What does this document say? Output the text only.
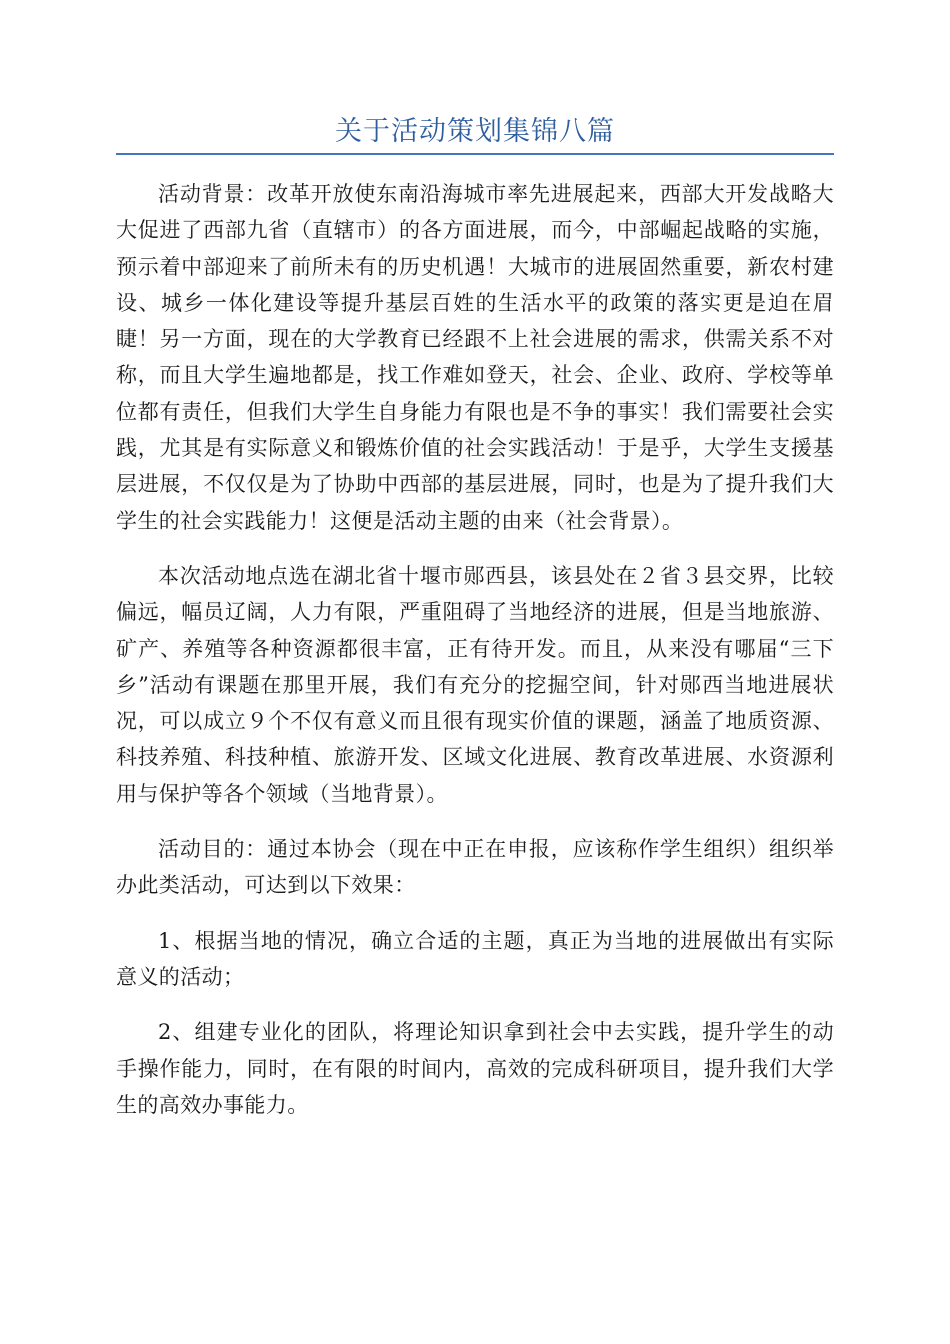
关于活动策划集锦八篇

活动背景：改革开放使东南沿海城市率先进展起来，西部大开发战略大大促进了西部九省（直辖市）的各方面进展，而今，中部崛起战略的实施，预示着中部迎来了前所未有的历史机遇！大城市的进展固然重要，新农村建设、城乡一体化建设等提升基层百姓的生活水平的政策的落实更是迫在眉睫！另一方面，现在的大学教育已经跟不上社会进展的需求，供需关系不对称，而且大学生遍地都是，找工作难如登天，社会、企业、政府、学校等单位都有责任，但我们大学生自身能力有限也是不争的事实！我们需要社会实践，尤其是有实际意义和锻炼价值的社会实践活动！于是乎，大学生支援基层进展，不仅仅是为了协助中西部的基层进展，同时，也是为了提升我们大学生的社会实践能力！这便是活动主题的由来（社会背景）。

本次活动地点选在湖北省十堰市郧西县，该县处在２省３县交界，比较偏远，幅员辽阔，人力有限，严重阻碍了当地经济的进展，但是当地旅游、矿产、养殖等各种资源都很丰富，正有待开发。而且，从来没有哪届“三下乡”活动有课题在那里开展，我们有充分的挖掘空间，针对郧西当地进展状况，可以成立９个不仅有意义而且很有现实价值的课题，涵盖了地质资源、科技养殖、科技种植、旅游开发、区域文化进展、教育改革进展、水资源利用与保护等各个领域（当地背景）。

活动目的：通过本协会（现在中正在申报，应该称作学生组织）组织举办此类活动，可达到以下效果：

1、根据当地的情况，确立合适的主题，真正为当地的进展做出有实际意义的活动；

2、组建专业化的团队，将理论知识拿到社会中去实践，提升学生的动手操作能力，同时，在有限的时间内，高效的完成科研项目，提升我们大学生的高效办事能力。
